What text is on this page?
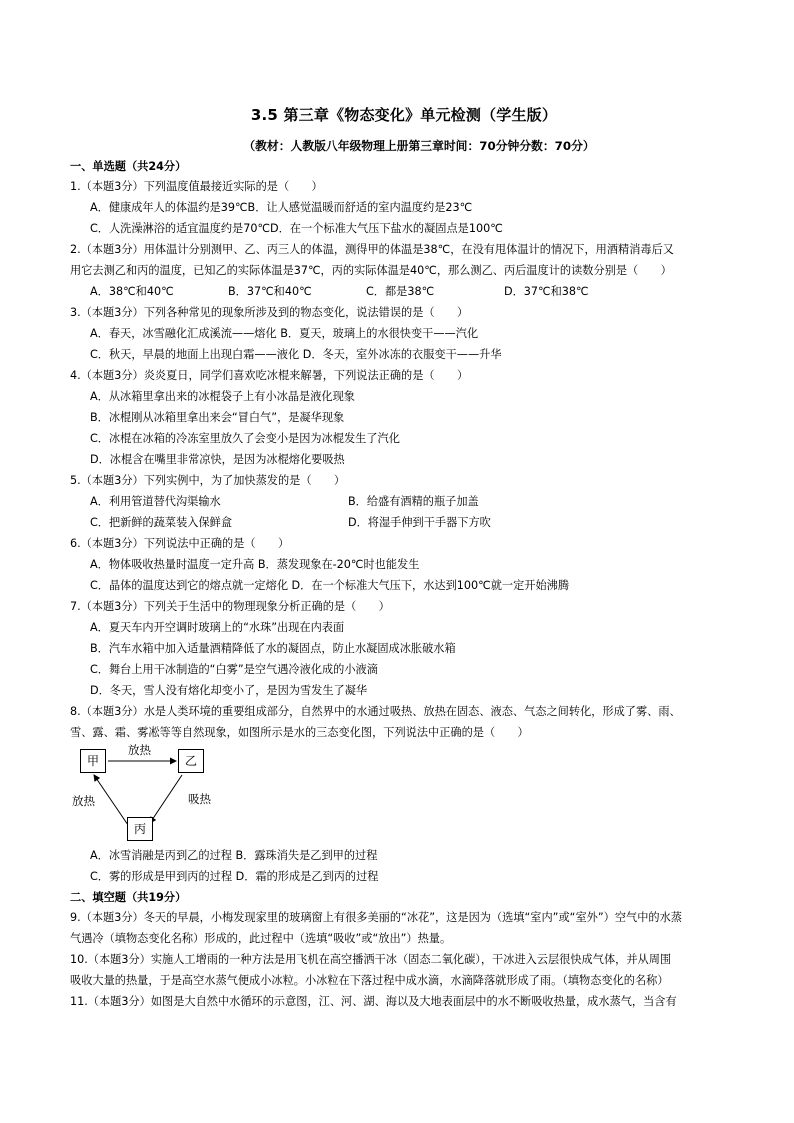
3.5 第三章《物态变化》单元检测（学生版）
（教材：人教版八年级物理上册第三章时间：70分钟分数：70分）
一、单选题（共24分）
1.（本题3分）下列温度值最接近实际的是（　　）
A．健康成年人的体温约是39℃B．让人感觉温暖而舒适的室内温度约是23℃
C．人洗澡淋浴的适宜温度约是70℃D．在一个标准大气压下盐水的凝固点是100℃
2.（本题3分）用体温计分别测甲、乙、丙三人的体温，测得甲的体温是38℃，在没有甩体温计的情况下，用酒精消毒后又
用它去测乙和丙的温度，已知乙的实际体温是37℃，丙的实际体温是40℃，那么测乙、丙后温度计的读数分别是（　　）
A．38℃和40℃	B．37℃和40℃	C．都是38℃	D．37℃和38℃
3.（本题3分）下列各种常见的现象所涉及到的物态变化，说法错误的是（　　）
A．春天，冰雪融化汇成溪流——熔化 B．夏天，玻璃上的水很快变干——汽化
C．秋天，早晨的地面上出现白霜——液化 D．冬天，室外冰冻的衣服变干——升华
4.（本题3分）炎炎夏日，同学们喜欢吃冰棍来解暑，下列说法正确的是（　　）
A．从冰箱里拿出来的冰棍袋子上有小冰晶是液化现象
B．冰棍刚从冰箱里拿出来会“冒白气”，是凝华现象
C．冰棍在冰箱的冷冻室里放久了会变小是因为冰棍发生了汽化
D．冰棍含在嘴里非常凉快，是因为冰棍熔化要吸热
5.（本题3分）下列实例中，为了加快蒸发的是（　　）
A．利用管道替代沟渠输水	B．给盛有酒精的瓶子加盖
C．把新鲜的蔬菜装入保鲜盒	D．将湿手伸到干手器下方吹
6.（本题3分）下列说法中正确的是（　　）
A．物体吸收热量时温度一定升高 B．蒸发现象在-20℃时也能发生
C．晶体的温度达到它的熔点就一定熔化 D．在一个标准大气压下，水达到100℃就一定开始沸腾
7.（本题3分）下列关于生活中的物理现象分析正确的是（　　）
A．夏天车内开空调时玻璃上的“水珠”出现在内表面
B．汽车水箱中加入适量酒精降低了水的凝固点，防止水凝固成冰胀破水箱
C．舞台上用干冰制造的“白雾”是空气遇冷液化成的小液滴
D．冬天，雪人没有熔化却变小了，是因为雪发生了凝华
8.（本题3分）水是人类环境的重要组成部分，自然界中的水通过吸热、放热在固态、液态、气态之间转化，形成了雾、雨、
雪、露、霜、雾凇等等自然现象，如图所示是水的三态变化图，下列说法中正确的是（　　）
甲	乙
丙
放热
放热	吸热
A．冰雪消融是丙到乙的过程 B．露珠消失是乙到甲的过程
C．雾的形成是甲到丙的过程 D．霜的形成是乙到丙的过程
二、填空题（共19分）
9.（本题3分）冬天的早晨，小梅发现家里的玻璃窗上有很多美丽的“冰花”，这是因为（选填“室内”或“室外”）空气中的水蒸
气遇冷（填物态变化名称）形成的，此过程中（选填“吸收”或“放出”）热量。
10.（本题3分）实施人工增雨的一种方法是用飞机在高空播洒干冰（固态二氧化碳），干冰进入云层很快成气体，并从周围
吸收大量的热量，于是高空水蒸气便成小冰粒。小冰粒在下落过程中成水滴，水滴降落就形成了雨。（填物态变化的名称）
11.（本题3分）如图是大自然中水循环的示意图，江、河、湖、海以及大地表面层中的水不断吸收热量，成水蒸气，当含有
